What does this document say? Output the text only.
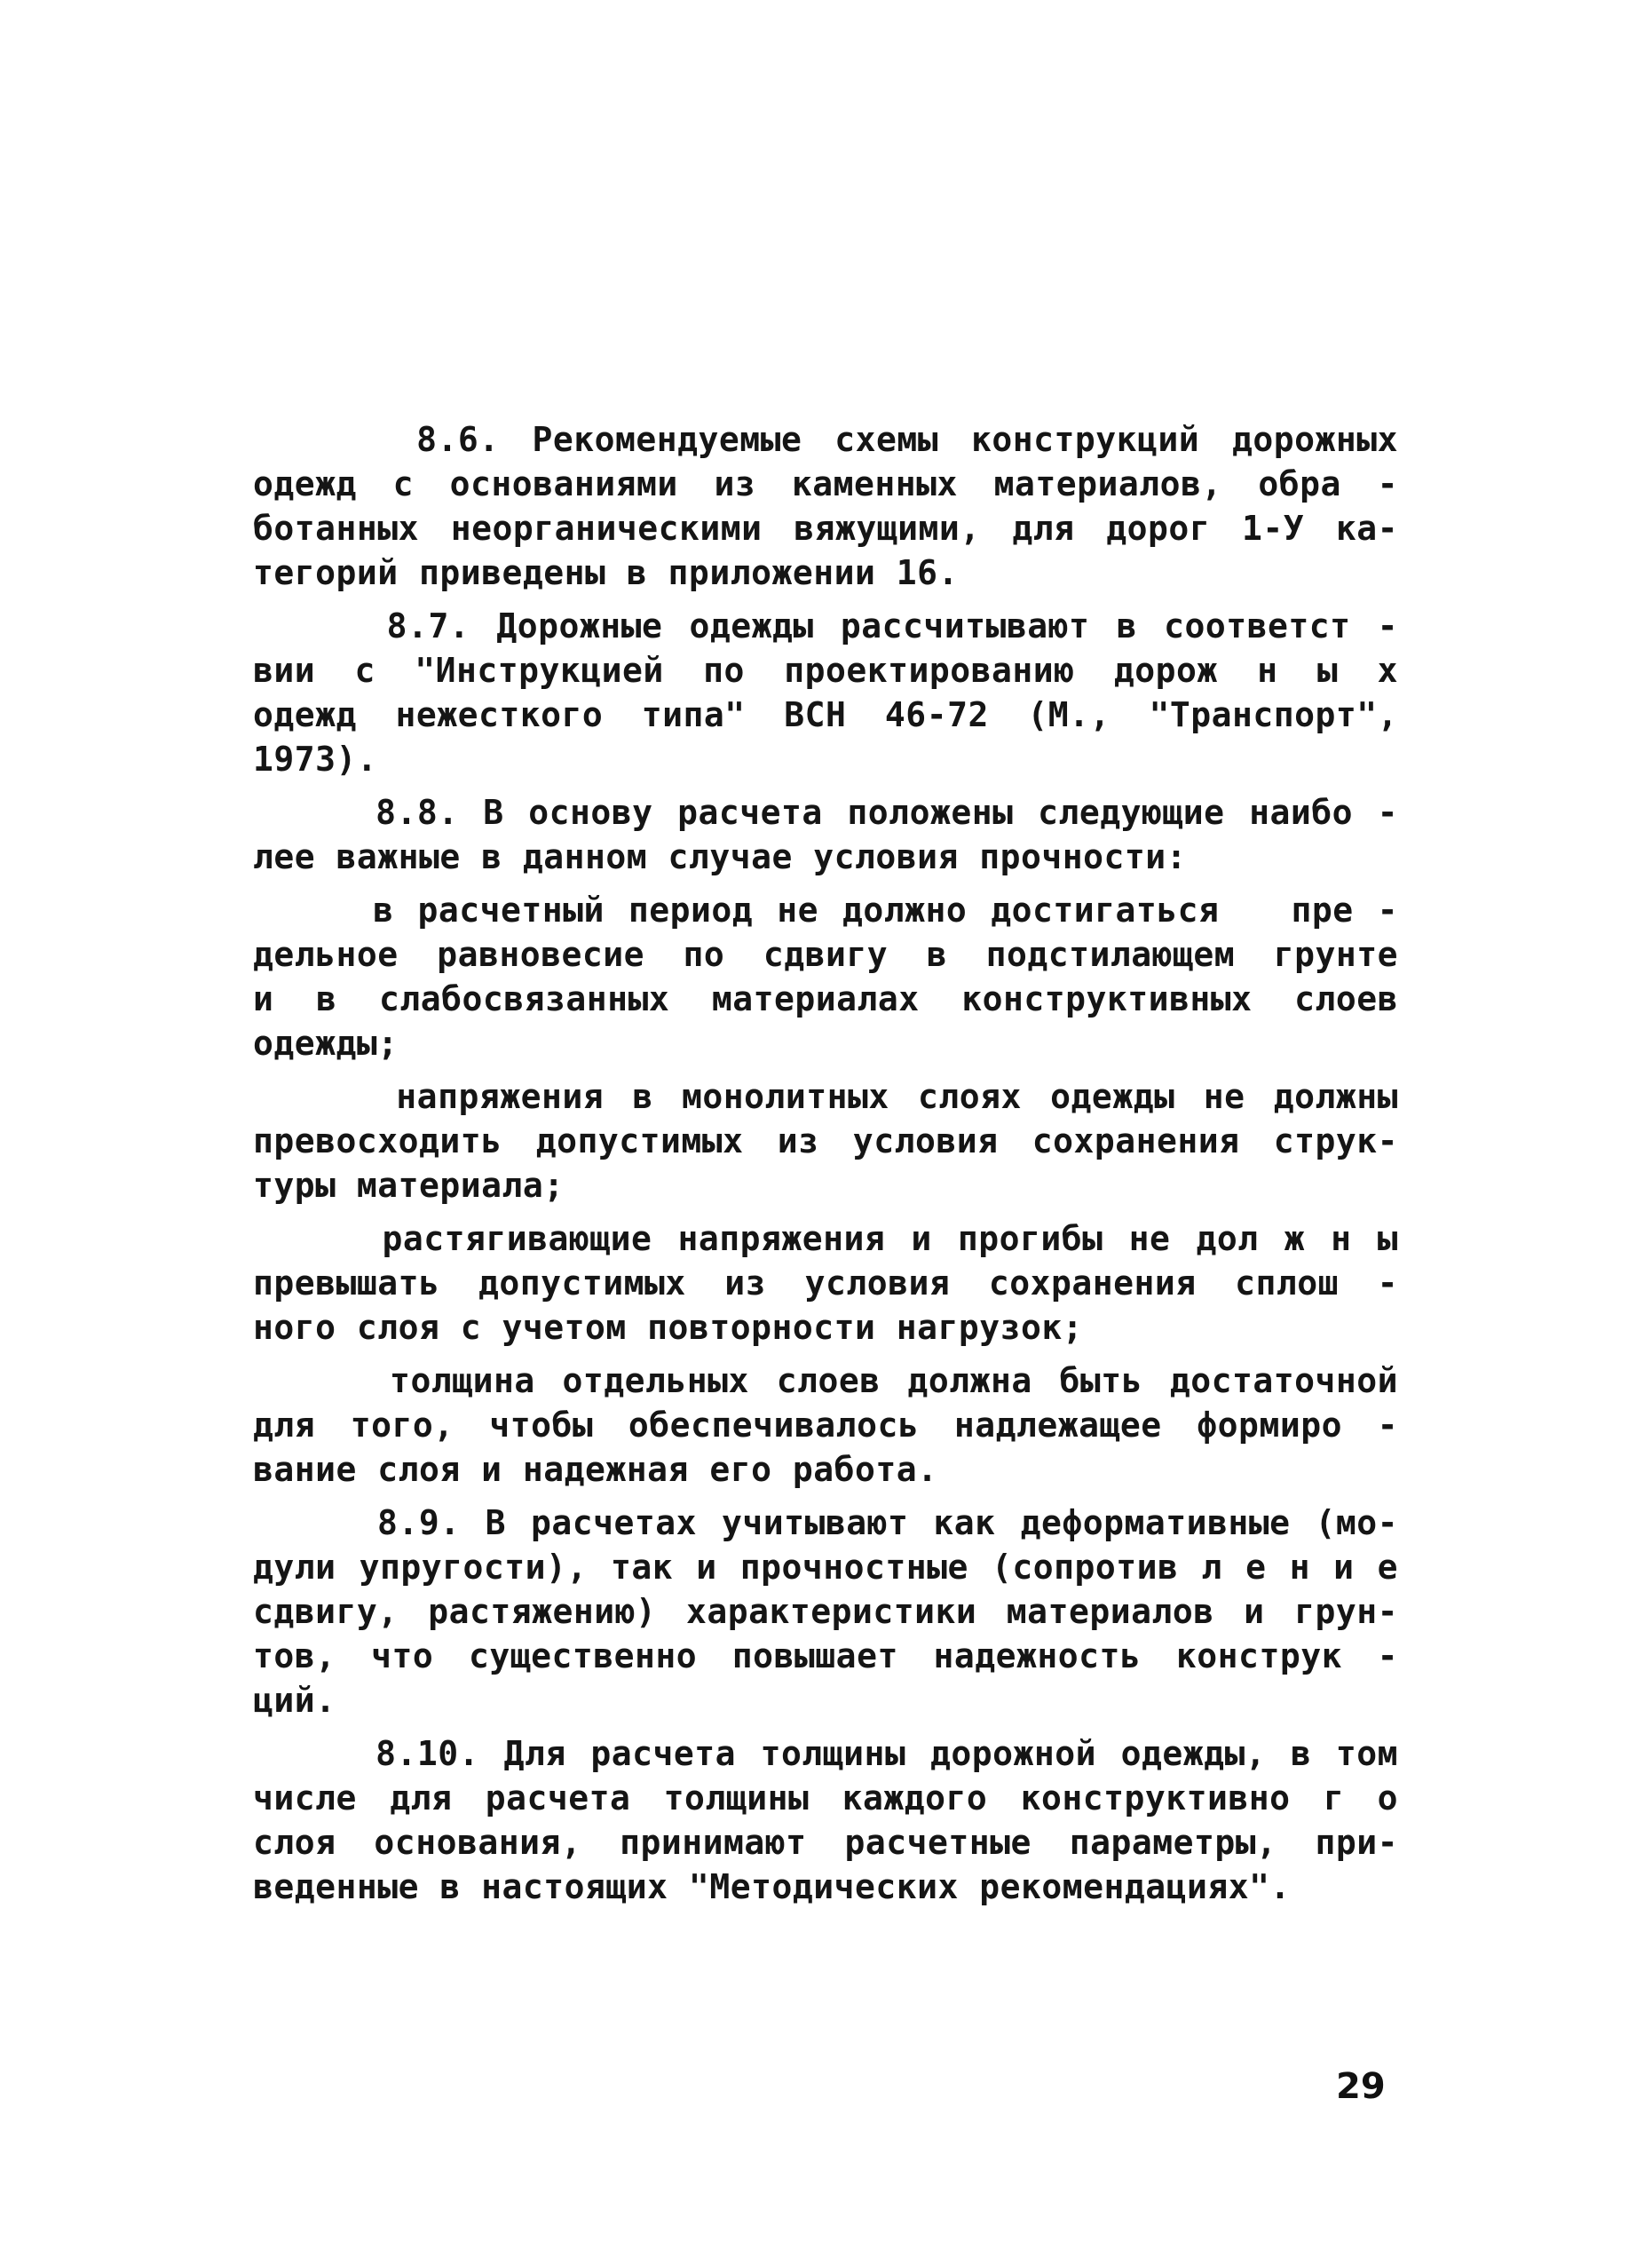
8.6. Рекомендуемые схемы конструкций дорожных
одежд с основаниями из каменных материалов, обра -
ботанных неорганическими вяжущими, для дорог 1-У ка-
тегорий приведены в приложении 16.
8.7. Дорожные одежды рассчитывают в соответст -
вии с "Инструкцией по проектированию дорож н ы х
одежд нежесткого типа" ВСН 46-72 (М., "Транспорт",
1973).
8.8. В основу расчета положены следующие наибо -
лее важные в данном случае условия прочности:
в расчетный период не должно достигаться   пре -
дельное равновесие по сдвигу в подстилающем грунте
и в слабосвязанных материалах конструктивных слоев
одежды;
напряжения в монолитных слоях одежды не должны
превосходить допустимых из условия сохранения струк-
туры материала;
растягивающие напряжения и прогибы не дол ж н ы
превышать допустимых из условия сохранения сплош -
ного слоя с учетом повторности нагрузок;
толщина отдельных слоев должна быть достаточной
для того, чтобы обеспечивалось надлежащее формиро -
вание слоя и надежная его работа.
8.9. В расчетах учитывают как деформативные (мо-
дули упругости), так и прочностные (сопротив л е н и е
сдвигу, растяжению) характеристики материалов и грун-
тов, что существенно повышает надежность конструк -
ций.
8.10. Для расчета толщины дорожной одежды, в том
числе для расчета толщины каждого конструктивно г о
слоя основания, принимают расчетные параметры, при-
веденные в настоящих "Методических рекомендациях".
29
